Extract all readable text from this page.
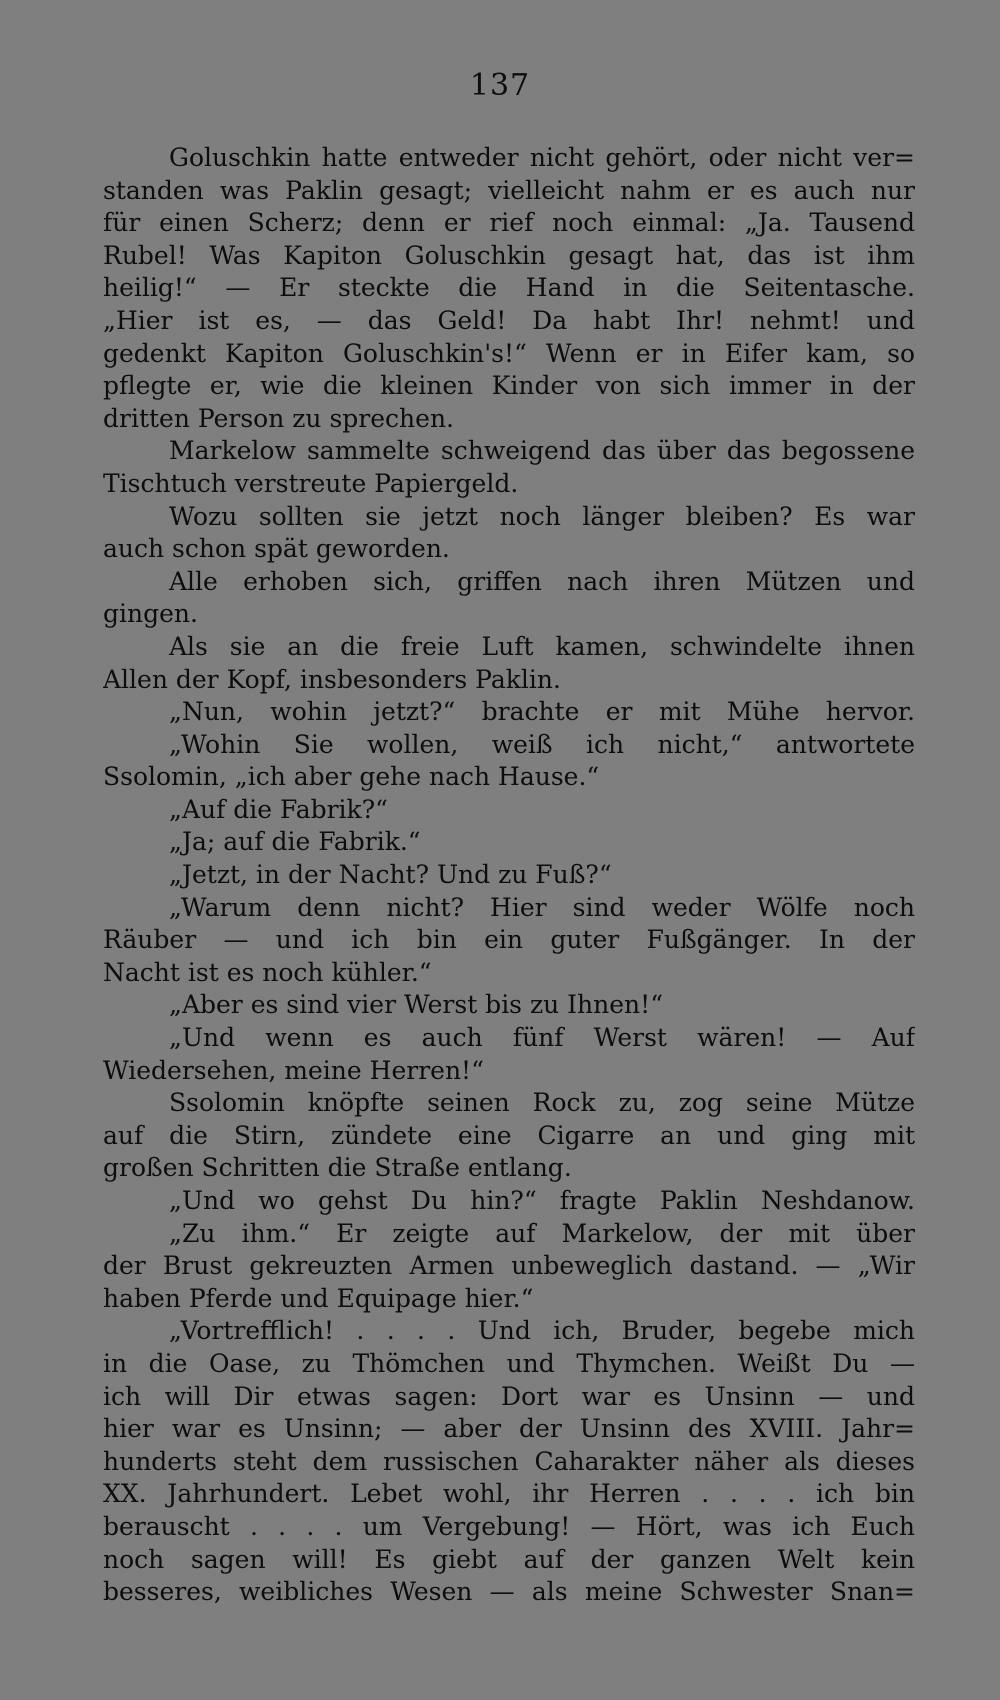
137
Goluschkin hatte entweder nicht gehört, oder nicht ver=
standen was Paklin gesagt; vielleicht nahm er es auch nur
für einen Scherz; denn er rief noch einmal: „Ja. Tausend
Rubel! Was Kapiton Goluschkin gesagt hat, das ist ihm
heilig!“ — Er steckte die Hand in die Seitentasche.
„Hier ist es, — das Geld! Da habt Ihr! nehmt! und
gedenkt Kapiton Goluschkin's!“ Wenn er in Eifer kam, so
pflegte er, wie die kleinen Kinder von sich immer in der
dritten Person zu sprechen.
Markelow sammelte schweigend das über das begossene
Tischtuch verstreute Papiergeld.
Wozu sollten sie jetzt noch länger bleiben? Es war
auch schon spät geworden.
Alle erhoben sich, griffen nach ihren Mützen und
gingen.
Als sie an die freie Luft kamen, schwindelte ihnen
Allen der Kopf, insbesonders Paklin.
„Nun, wohin jetzt?“ brachte er mit Mühe hervor.
„Wohin Sie wollen, weiß ich nicht,“ antwortete
Ssolomin, „ich aber gehe nach Hause.“
„Auf die Fabrik?“
„Ja; auf die Fabrik.“
„Jetzt, in der Nacht? Und zu Fuß?“
„Warum denn nicht? Hier sind weder Wölfe noch
Räuber — und ich bin ein guter Fußgänger. In der
Nacht ist es noch kühler.“
„Aber es sind vier Werst bis zu Ihnen!“
„Und wenn es auch fünf Werst wären! — Auf
Wiedersehen, meine Herren!“
Ssolomin knöpfte seinen Rock zu, zog seine Mütze
auf die Stirn, zündete eine Cigarre an und ging mit
großen Schritten die Straße entlang.
„Und wo gehst Du hin?“ fragte Paklin Neshdanow.
„Zu ihm.“ Er zeigte auf Markelow, der mit über
der Brust gekreuzten Armen unbeweglich dastand. — „Wir
haben Pferde und Equipage hier.“
„Vortrefflich! . . . . Und ich, Bruder, begebe mich
in die Oase, zu Thömchen und Thymchen. Weißt Du —
ich will Dir etwas sagen: Dort war es Unsinn — und
hier war es Unsinn; — aber der Unsinn des XVIII. Jahr=
hunderts steht dem russischen Caharakter näher als dieses
XX. Jahrhundert. Lebet wohl, ihr Herren . . . . ich bin
berauscht . . . . um Vergebung! — Hört, was ich Euch
noch sagen will! Es giebt auf der ganzen Welt kein
besseres, weibliches Wesen — als meine Schwester Snan=
